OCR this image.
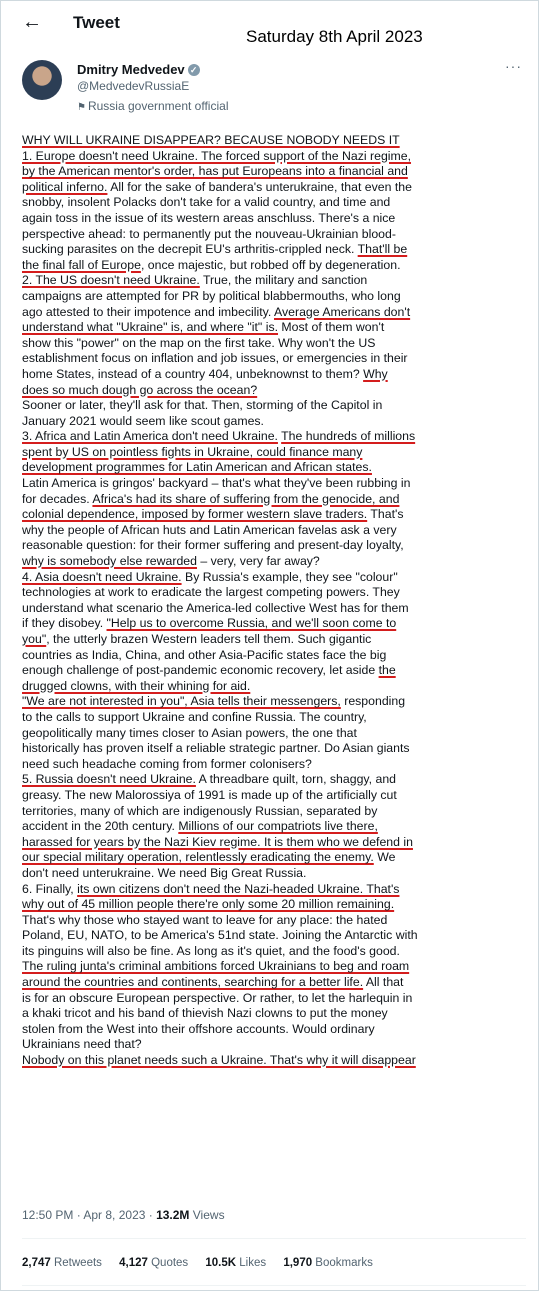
← Tweet
Saturday 8th April 2023
Dmitry Medvedev ✓
@MedvedevRussiaE
⚑ Russia government official
···
WHY WILL UKRAINE DISAPPEAR? BECAUSE NOBODY NEEDS IT
1. Europe doesn't need Ukraine. The forced support of the Nazi regime,
by the American mentor's order, has put Europeans into a financial and
political inferno. All for the sake of bandera's unterukraine, that even the
snobby, insolent Polacks don't take for a valid country, and time and
again toss in the issue of its western areas anschluss. There's a nice
perspective ahead: to permanently put the nouveau-Ukrainian blood-
sucking parasites on the decrepit EU's arthritis-crippled neck. That'll be
the final fall of Europe, once majestic, but robbed off by degeneration.
2. The US doesn't need Ukraine. True, the military and sanction
campaigns are attempted for PR by political blabbermouths, who long
ago attested to their impotence and imbecility. Average Americans don't
understand what "Ukraine" is, and where "it" is. Most of them won't
show this "power" on the map on the first take. Why won't the US
establishment focus on inflation and job issues, or emergencies in their
home States, instead of a country 404, unbeknownst to them? Why
does so much dough go across the ocean?
Sooner or later, they'll ask for that. Then, storming of the Capitol in
January 2021 would seem like scout games.
3. Africa and Latin America don't need Ukraine. The hundreds of millions
spent by US on pointless fights in Ukraine, could finance many
development programmes for Latin American and African states.
Latin America is gringos' backyard – that's what they've been rubbing in
for decades. Africa's had its share of suffering from the genocide, and
colonial dependence, imposed by former western slave traders. That's
why the people of African huts and Latin American favelas ask a very
reasonable question: for their former suffering and present-day loyalty,
why is somebody else rewarded – very, very far away?
4. Asia doesn't need Ukraine. By Russia's example, they see "colour"
technologies at work to eradicate the largest competing powers. They
understand what scenario the America-led collective West has for them
if they disobey. "Help us to overcome Russia, and we'll soon come to
you", the utterly brazen Western leaders tell them. Such gigantic
countries as India, China, and other Asia-Pacific states face the big
enough challenge of post-pandemic economic recovery, let aside the
drugged clowns, with their whining for aid.
"We are not interested in you", Asia tells their messengers, responding
to the calls to support Ukraine and confine Russia. The country,
geopolitically many times closer to Asian powers, the one that
historically has proven itself a reliable strategic partner. Do Asian giants
need such headache coming from former colonisers?
5. Russia doesn't need Ukraine. A threadbare quilt, torn, shaggy, and
greasy. The new Malorossiya of 1991 is made up of the artificially cut
territories, many of which are indigenously Russian, separated by
accident in the 20th century. Millions of our compatriots live there,
harassed for years by the Nazi Kiev regime. It is them who we defend in
our special military operation, relentlessly eradicating the enemy. We
don't need unterukraine. We need Big Great Russia.
6. Finally, its own citizens don't need the Nazi-headed Ukraine. That's
why out of 45 million people there're only some 20 million remaining.
That's why those who stayed want to leave for any place: the hated
Poland, EU, NATO, to be America's 51nd state. Joining the Antarctic with
its pinguins will also be fine. As long as it's quiet, and the food's good.
The ruling junta's criminal ambitions forced Ukrainians to beg and roam
around the countries and continents, searching for a better life. All that
is for an obscure European perspective. Or rather, to let the harlequin in
a khaki tricot and his band of thievish Nazi clowns to put the money
stolen from the West into their offshore accounts. Would ordinary
Ukrainians need that?
Nobody on this planet needs such a Ukraine. That's why it will disappear
12:50 PM · Apr 8, 2023 · 13.2M Views
2,747 Retweets 4,127 Quotes 10.5K Likes 1,970 Bookmarks
